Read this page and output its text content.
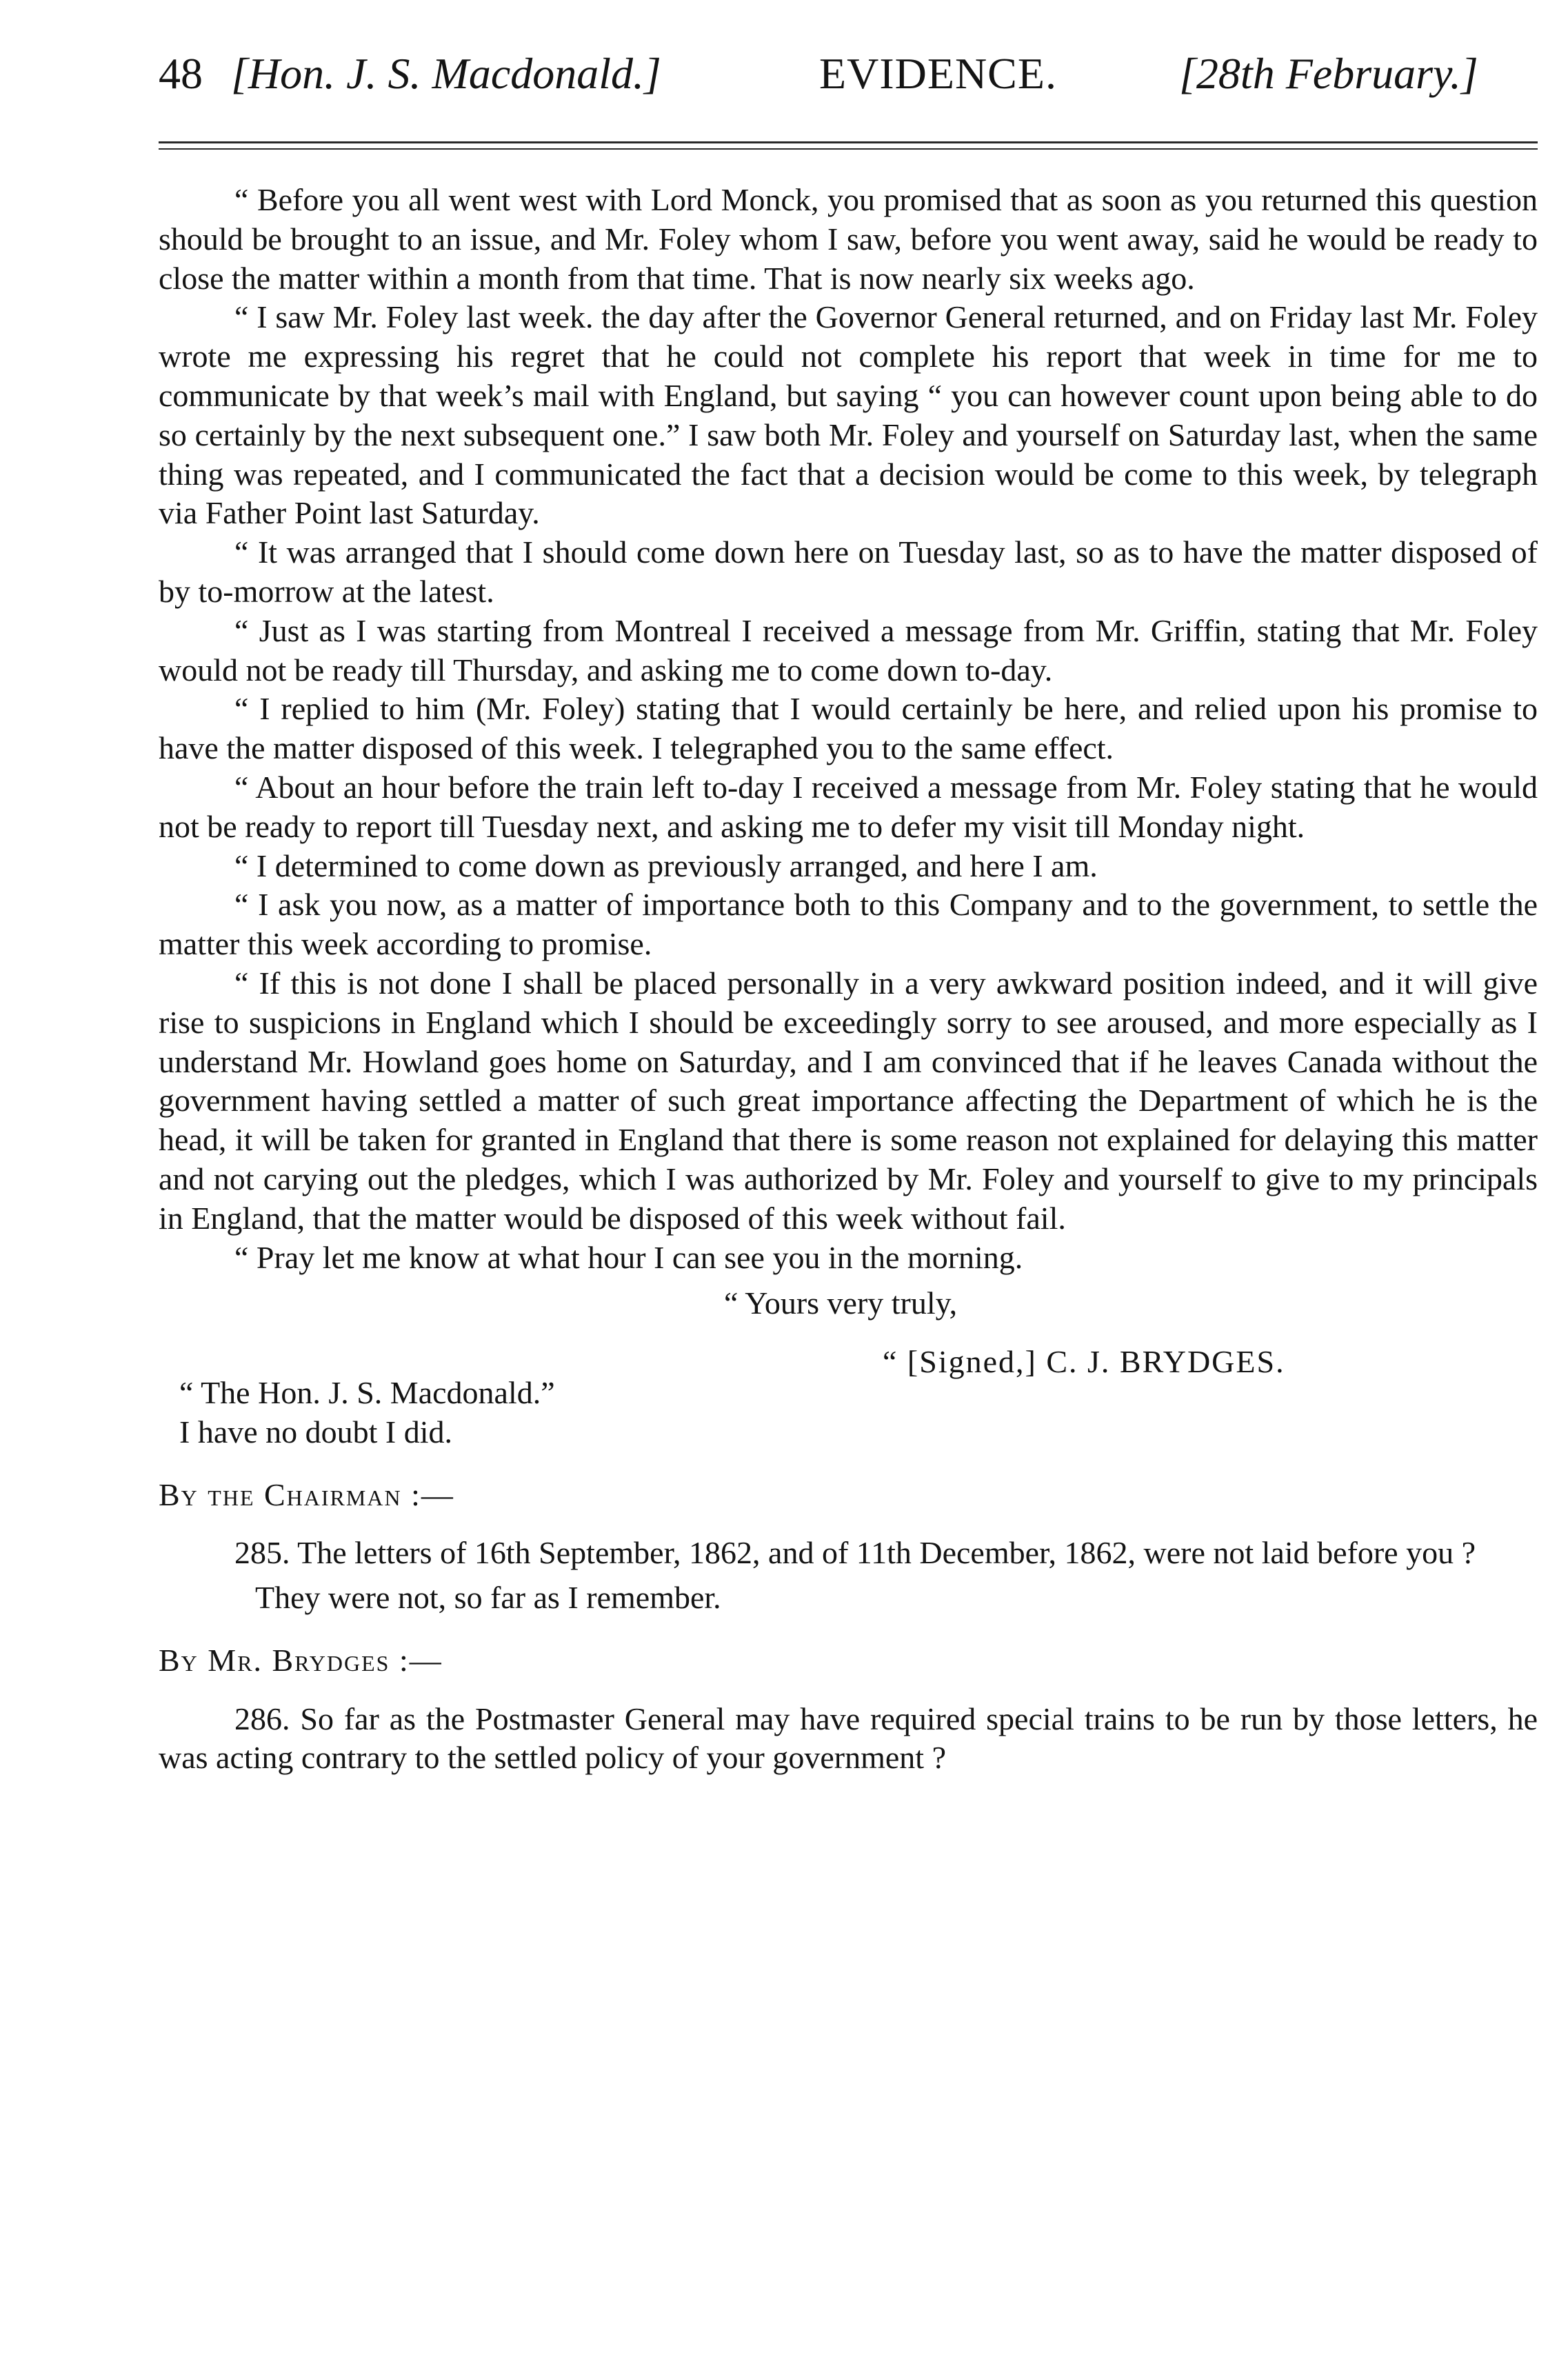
48 [Hon. J. S. Macdonald.]	EVIDENCE.	[28th February.]

“ Before you all went west with Lord Monck, you promised that as soon as you returned this question should be brought to an issue, and Mr. Foley whom I saw, before you went away, said he would be ready to close the matter within a month from that time. That is now nearly six weeks ago.

“ I saw Mr. Foley last week. the day after the Governor General returned, and on Friday last Mr. Foley wrote me expressing his regret that he could not complete his report that week in time for me to communicate by that week’s mail with England, but saying “ you can however count upon being able to do so certainly by the next subsequent one.” I saw both Mr. Foley and yourself on Saturday last, when the same thing was repeated, and I communicated the fact that a decision would be come to this week, by telegraph via Father Point last Saturday.

“ It was arranged that I should come down here on Tuesday last, so as to have the matter disposed of by to-morrow at the latest.

“ Just as I was starting from Montreal I received a message from Mr. Griffin, stating that Mr. Foley would not be ready till Thursday, and asking me to come down to-day.

“ I replied to him (Mr. Foley) stating that I would certainly be here, and relied upon his promise to have the matter disposed of this week. I telegraphed you to the same effect.

“ About an hour before the train left to-day I received a message from Mr. Foley stating that he would not be ready to report till Tuesday next, and asking me to defer my visit till Monday night.

“ I determined to come down as previously arranged, and here I am.

“ I ask you now, as a matter of importance both to this Company and to the government, to settle the matter this week according to promise.

“ If this is not done I shall be placed personally in a very awkward position indeed, and it will give rise to suspicions in England which I should be exceedingly sorry to see aroused, and more especially as I understand Mr. Howland goes home on Saturday, and I am convinced that if he leaves Canada without the government having settled a matter of such great importance affecting the Department of which he is the head, it will be taken for granted in England that there is some reason not explained for delaying this matter and not carying out the pledges, which I was authorized by Mr. Foley and yourself to give to my principals in England, that the matter would be disposed of this week without fail.

“ Pray let me know at what hour I can see you in the morning.

“ Yours very truly,

“ [Signed,] C. J. BRYDGES.

“ The Hon. J. S. Macdonald.”

I have no doubt I did.

By the Chairman :—

285. The letters of 16th September, 1862, and of 11th December, 1862, were not laid before you ?

They were not, so far as I remember.

By Mr. Brydges :—

286. So far as the Postmaster General may have required special trains to be run by those letters, he was acting contrary to the settled policy of your government ?
